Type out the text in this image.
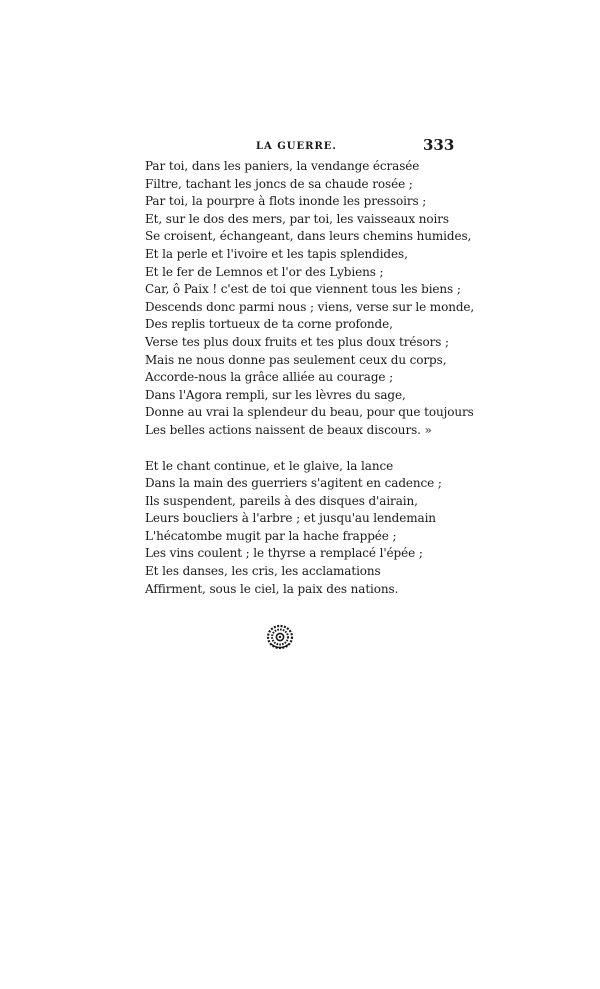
LA GUERRE.	333
Par toi, dans les paniers, la vendange écrasée
Filtre, tachant les joncs de sa chaude rosée ;
Par toi, la pourpre à flots inonde les pressoirs ;
Et, sur le dos des mers, par toi, les vaisseaux noirs
Se croisent, échangeant, dans leurs chemins humides,
Et la perle et l'ivoire et les tapis splendides,
Et le fer de Lemnos et l'or des Lybiens ;
Car, ô Paix ! c'est de toi que viennent tous les biens ;
Descends donc parmi nous ; viens, verse sur le monde,
Des replis tortueux de ta corne profonde,
Verse tes plus doux fruits et tes plus doux trésors ;
Mais ne nous donne pas seulement ceux du corps,
Accorde-nous la grâce alliée au courage ;
Dans l'Agora rempli, sur les lèvres du sage,
Donne au vrai la splendeur du beau, pour que toujours
Les belles actions naissent de beaux discours. »
Et le chant continue, et le glaive, la lance
Dans la main des guerriers s'agitent en cadence ;
Ils suspendent, pareils à des disques d'airain,
Leurs boucliers à l'arbre ; et jusqu'au lendemain
L'hécatombe mugit par la hache frappée ;
Les vins coulent ; le thyrse a remplacé l'épée ;
Et les danses, les cris, les acclamations
Affirment, sous le ciel, la paix des nations.
